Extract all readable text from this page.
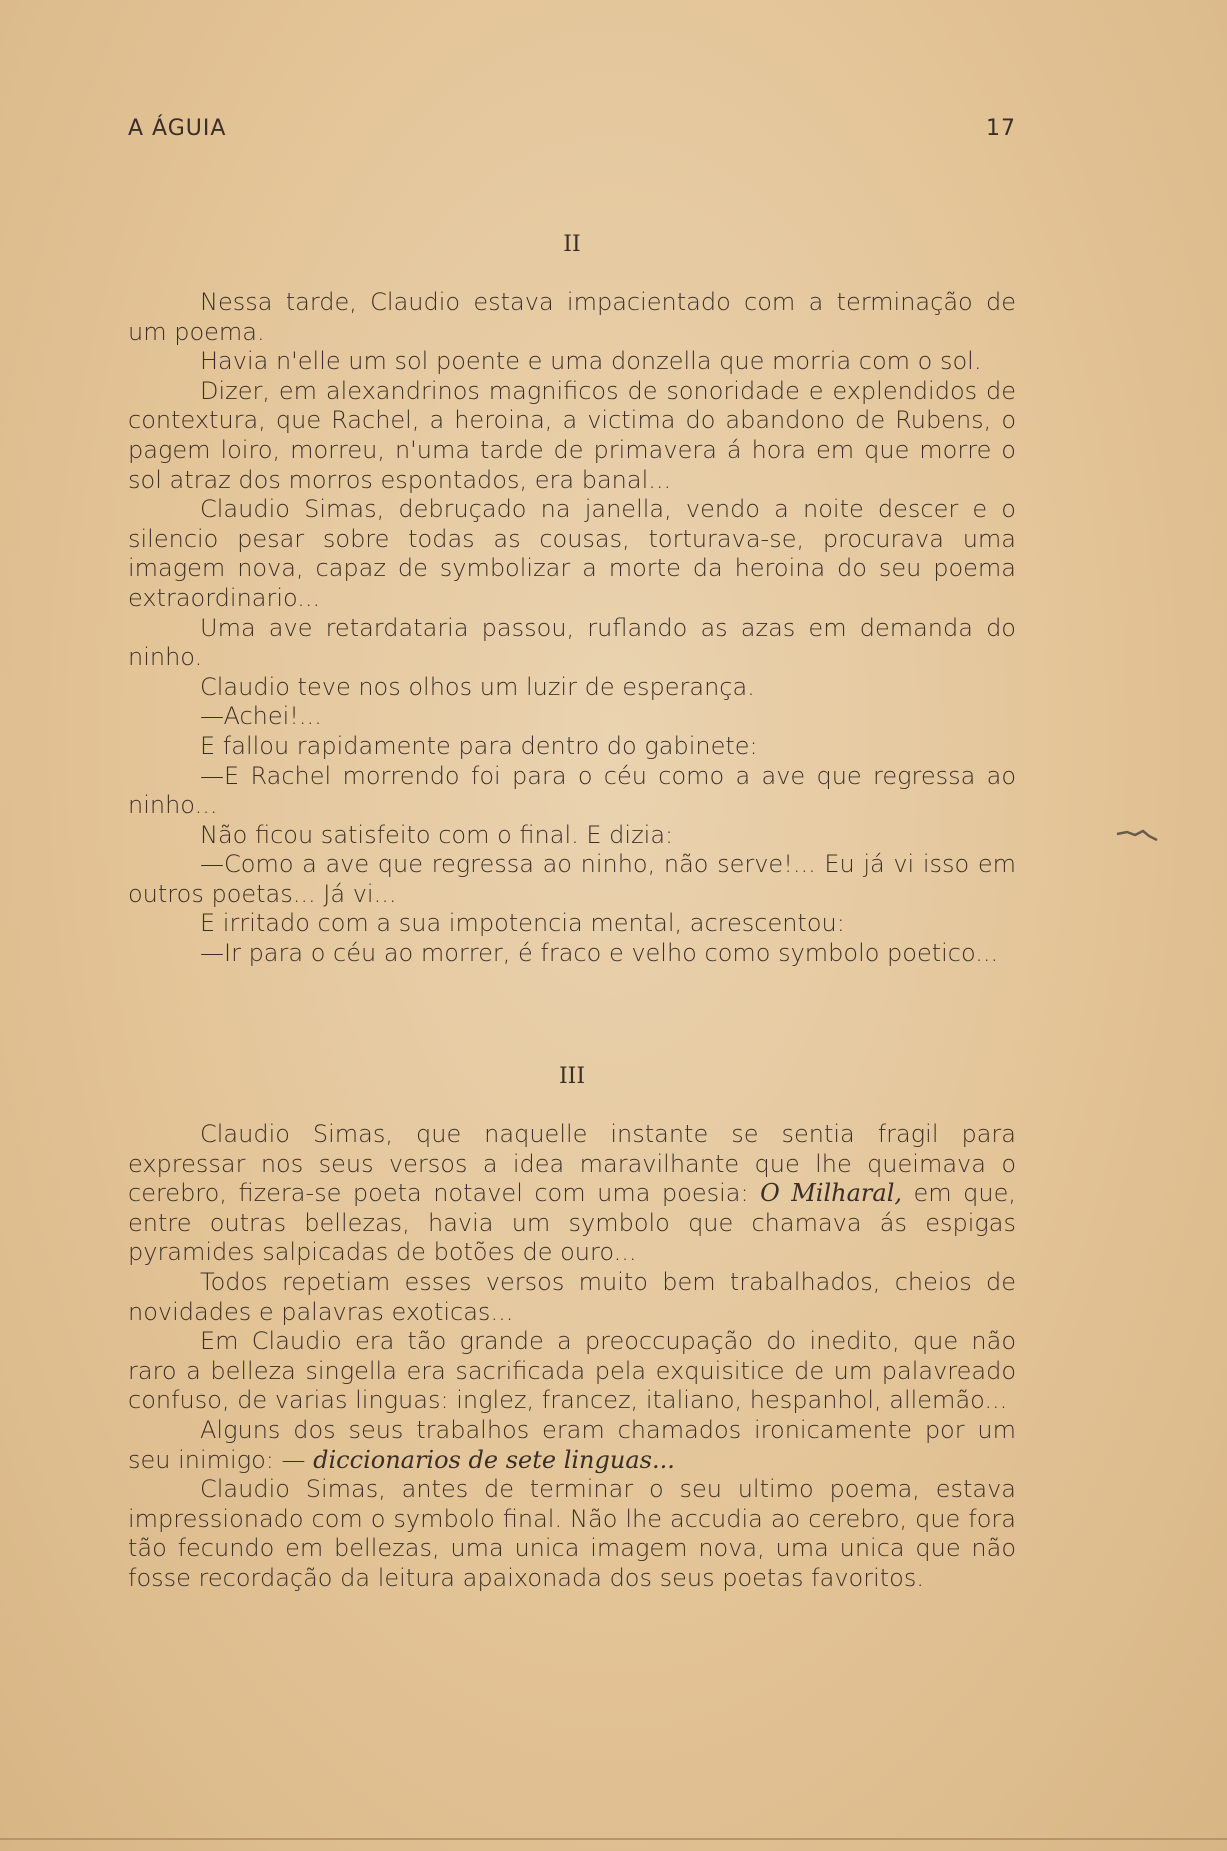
A ÁGUIA	17
II

Nessa tarde, Claudio estava impacientado com a terminação de um poema.

Havia n'elle um sol poente e uma donzella que morria com o sol.

Dizer, em alexandrinos magnificos de sonoridade e explendidos de contextura, que Rachel, a heroina, a victima do abandono de Rubens, o pagem loiro, morreu, n'uma tarde de primavera á hora em que morre o sol atraz dos morros espontados, era banal...

Claudio Simas, debruçado na janella, vendo a noite descer e o silencio pesar sobre todas as cousas, torturava-se, procurava uma imagem nova, capaz de symbolizar a morte da heroina do seu poema extraordinario...

Uma ave retardataria passou, ruflando as azas em demanda do ninho.

Claudio teve nos olhos um luzir de esperança.

—Achei!...

E fallou rapidamente para dentro do gabinete:

—E Rachel morrendo foi para o céu como a ave que regressa ao ninho...

Não ficou satisfeito com o final. E dizia:

—Como a ave que regressa ao ninho, não serve!... Eu já vi isso em outros poetas... Já vi...

E irritado com a sua impotencia mental, acrescentou:

—Ir para o céu ao morrer, é fraco e velho como symbolo poetico...

III

Claudio Simas, que naquelle instante se sentia fragil para expressar nos seus versos a idea maravilhante que lhe queimava o cerebro, fizera-se poeta notavel com uma poesia: O Milharal, em que, entre outras bellezas, havia um symbolo que chamava ás espigas pyramides salpicadas de botões de ouro...

Todos repetiam esses versos muito bem trabalhados, cheios de novidades e palavras exoticas...

Em Claudio era tão grande a preoccupação do inedito, que não raro a belleza singella era sacrificada pela exquisitice de um palavreado confuso, de varias linguas: inglez, francez, italiano, hespanhol, allemão...

Alguns dos seus trabalhos eram chamados ironicamente por um seu inimigo: — diccionarios de sete linguas...

Claudio Simas, antes de terminar o seu ultimo poema, estava impressionado com o symbolo final. Não lhe accudia ao cerebro, que fora tão fecundo em bellezas, uma unica imagem nova, uma unica que não fosse recordação da leitura apaixonada dos seus poetas favoritos.
